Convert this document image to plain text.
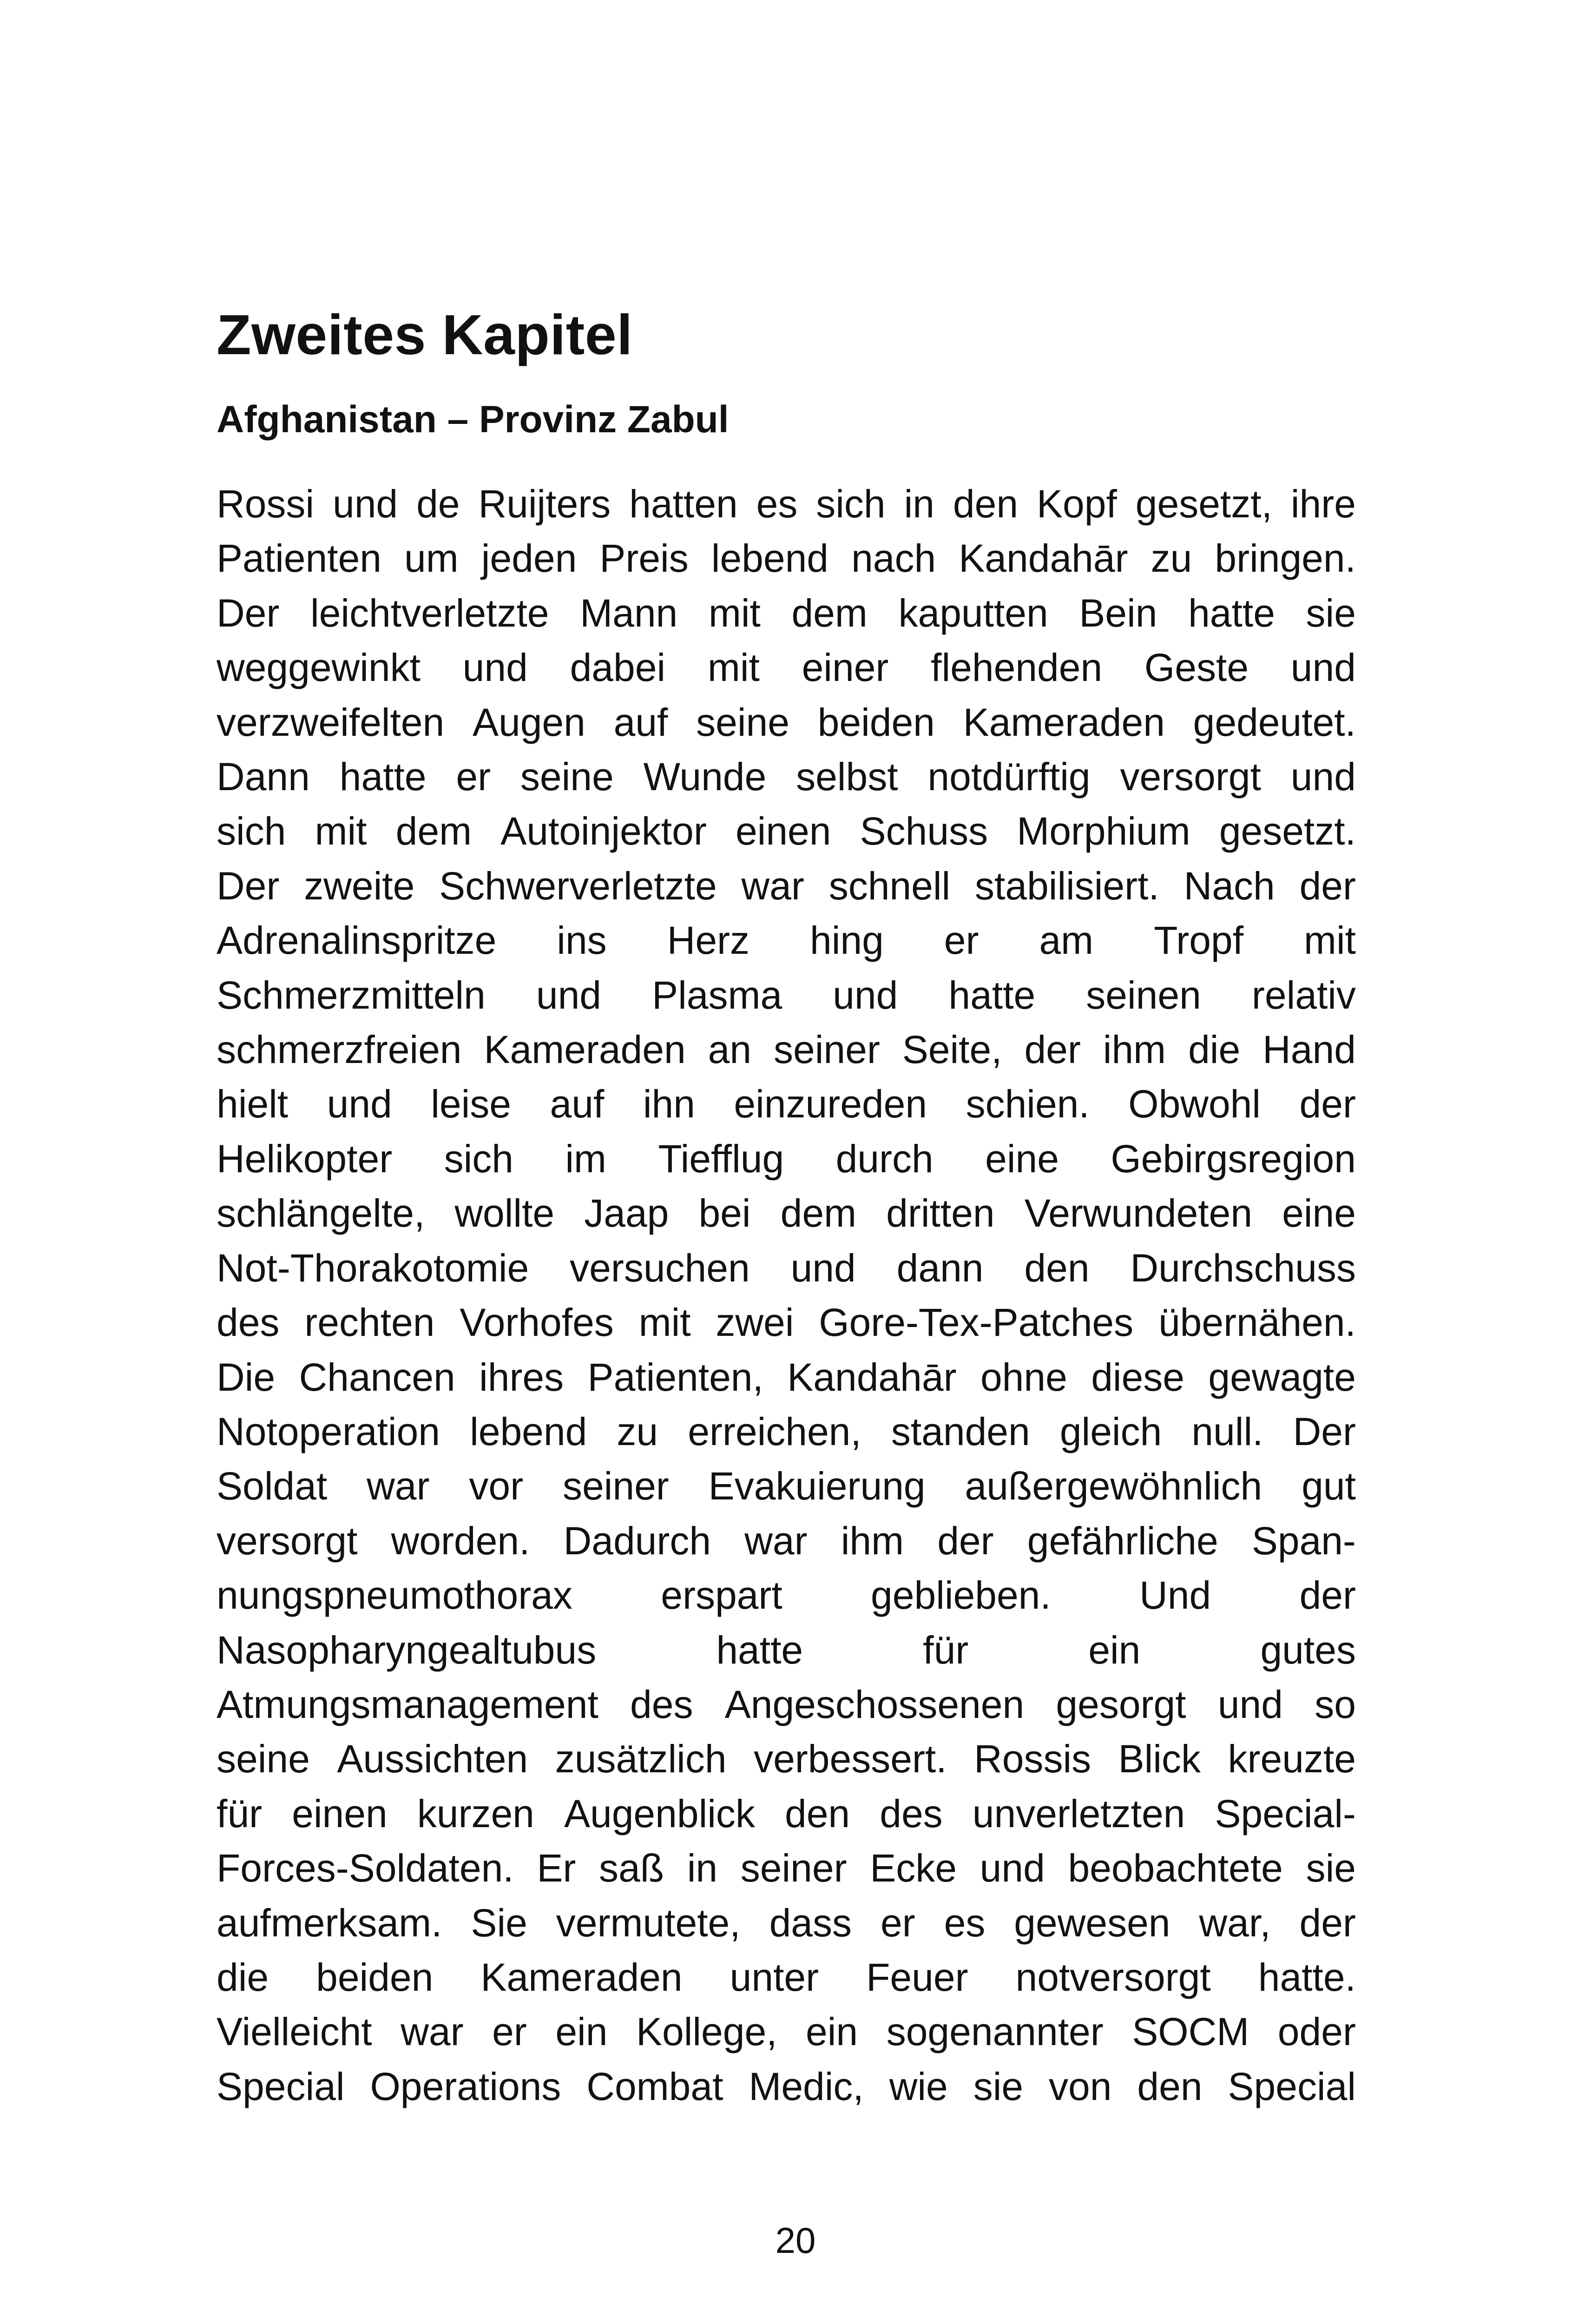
Zweites Kapitel
Afghanistan – Provinz Zabul
Rossi und de Ruijters hatten es sich in den Kopf gesetzt, ihre
Patienten um jeden Preis lebend nach Kandahār zu bringen.
Der leichtverletzte Mann mit dem kaputten Bein hatte sie
weggewinkt und dabei mit einer flehenden Geste und
verzweifelten Augen auf seine beiden Kameraden gedeutet.
Dann hatte er seine Wunde selbst notdürftig versorgt und
sich mit dem Autoinjektor einen Schuss Morphium gesetzt.
Der zweite Schwerverletzte war schnell stabilisiert. Nach der
Adrenalinspritze ins Herz hing er am Tropf mit
Schmerzmitteln und Plasma und hatte seinen relativ
schmerzfreien Kameraden an seiner Seite, der ihm die Hand
hielt und leise auf ihn einzureden schien. Obwohl der
Helikopter sich im Tiefflug durch eine Gebirgsregion
schlängelte, wollte Jaap bei dem dritten Verwundeten eine
Not-Thorakotomie versuchen und dann den Durchschuss
des rechten Vorhofes mit zwei Gore-Tex-Patches übernähen.
Die Chancen ihres Patienten, Kandahār ohne diese gewagte
Notoperation lebend zu erreichen, standen gleich null. Der
Soldat war vor seiner Evakuierung außergewöhnlich gut
versorgt worden. Dadurch war ihm der gefährliche Span-
nungspneumothorax erspart geblieben. Und der
Nasopharyngealtubus	hatte	für	ein	gutes
Atmungsmanagement des Angeschossenen gesorgt und so
seine Aussichten zusätzlich verbessert. Rossis Blick kreuzte
für einen kurzen Augenblick den des unverletzten Special-
Forces-Soldaten. Er saß in seiner Ecke und beobachtete sie
aufmerksam. Sie vermutete, dass er es gewesen war, der
die beiden Kameraden unter Feuer notversorgt hatte.
Vielleicht war er ein Kollege, ein sogenannter SOCM oder
Special Operations Combat Medic, wie sie von den Special
20
